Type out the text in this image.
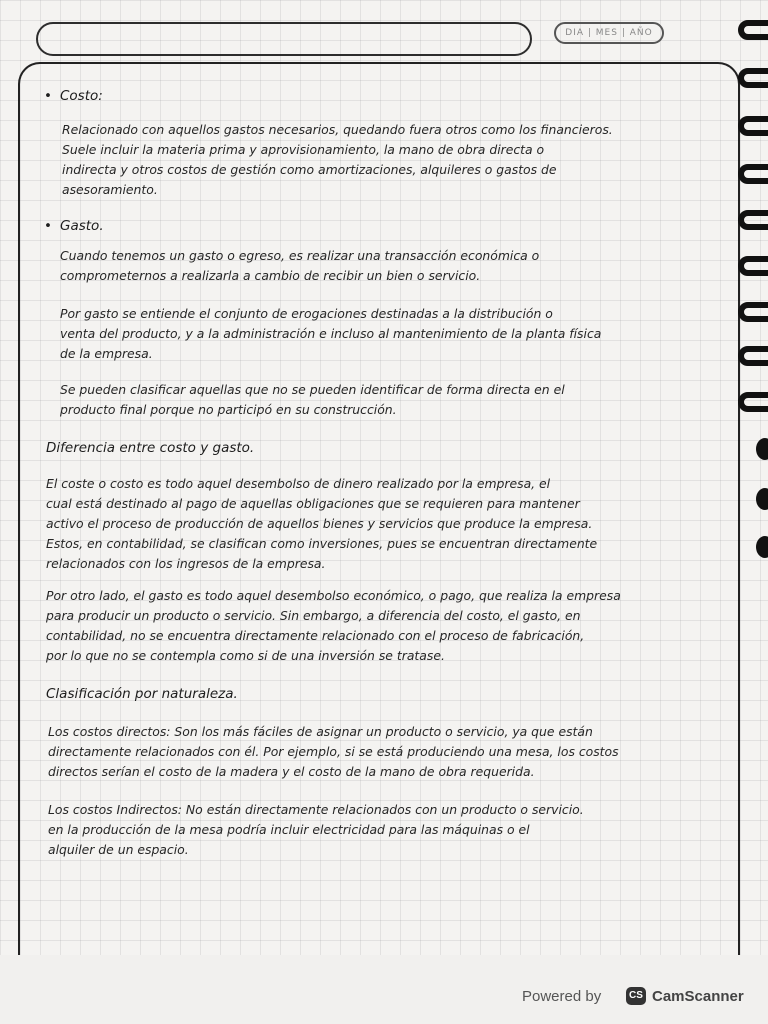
DIA | MES | AÑO
• Costo:
Relacionado con aquellos gastos necesarios, quedando fuera otros como los financieros.
Suele incluir la materia prima y aprovisionamiento, la mano de obra directa o
indirecta y otros costos de gestión como amortizaciones, alquileres o gastos de
asesoramiento.
• Gasto.
Cuando tenemos un gasto o egreso, es realizar una transacción económica o
comprometernos a realizarla a cambio de recibir un bien o servicio.
Por gasto se entiende el conjunto de erogaciones destinadas a la distribución o
venta del producto, y a la administración e incluso al mantenimiento de la planta física
de la empresa.
Se pueden clasificar aquellas que no se pueden identificar de forma directa en el
producto final porque no participó en su construcción.
Diferencia entre costo y gasto.
El coste o costo es todo aquel desembolso de dinero realizado por la empresa, el
cual está destinado al pago de aquellas obligaciones que se requieren para mantener
activo el proceso de producción de aquellos bienes y servicios que produce la empresa.
Estos, en contabilidad, se clasifican como inversiones, pues se encuentran directamente
relacionados con los ingresos de la empresa.
Por otro lado, el gasto es todo aquel desembolso económico, o pago, que realiza la empresa
para producir un producto o servicio. Sin embargo, a diferencia del costo, el gasto, en
contabilidad, no se encuentra directamente relacionado con el proceso de fabricación,
por lo que no se contempla como si de una inversión se tratase.
Clasificación por naturaleza.
Los costos directos: Son los más fáciles de asignar un producto o servicio, ya que están
directamente relacionados con él. Por ejemplo, si se está produciendo una mesa, los costos
directos serían el costo de la madera y el costo de la mano de obra requerida.
Los costos Indirectos: No están directamente relacionados con un producto o servicio.
en la producción de la mesa podría incluir electricidad para las máquinas o el
alquiler de un espacio.
Powered by	CS CamScanner
